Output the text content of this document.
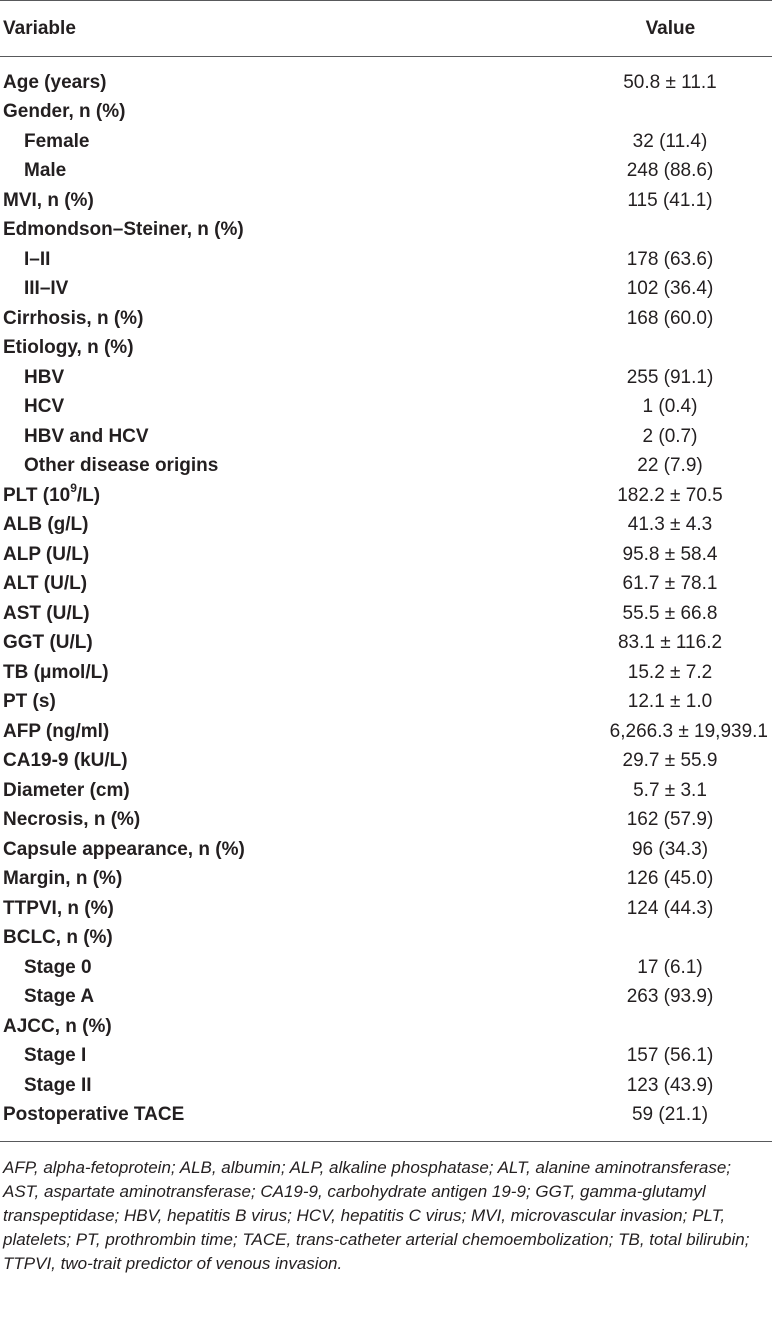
Variable	Value
Age (years)	50.8 ± 11.1
Gender, n (%)
Female	32 (11.4)
Male	248 (88.6)
MVI, n (%)	115 (41.1)
Edmondson–Steiner, n (%)
I–II	178 (63.6)
III–IV	102 (36.4)
Cirrhosis, n (%)	168 (60.0)
Etiology, n (%)
HBV	255 (91.1)
HCV	1 (0.4)
HBV and HCV	2 (0.7)
Other disease origins	22 (7.9)
PLT $(10^9/L)$	182.2 ± 70.5
ALB (g/L)	41.3 ± 4.3
ALP (U/L)	95.8 ± 58.4
ALT (U/L)	61.7 ± 78.1
AST (U/L)	55.5 ± 66.8
GGT (U/L)	83.1 ± 116.2
TB (μmol/L)	15.2 ± 7.2
PT (s)	12.1 ± 1.0
AFP (ng/ml)	6,266.3 ± 19,939.1
CA19-9 (kU/L)	29.7 ± 55.9
Diameter (cm)	5.7 ± 3.1
Necrosis, n (%)	162 (57.9)
Capsule appearance, n (%)	96 (34.3)
Margin, n (%)	126 (45.0)
TTPVI, n (%)	124 (44.3)
BCLC, n (%)
Stage 0	17 (6.1)
Stage A	263 (93.9)
AJCC, n (%)
Stage I	157 (56.1)
Stage II	123 (43.9)
Postoperative TACE	59 (21.1)
AFP, alpha-fetoprotein; ALB, albumin; ALP, alkaline phosphatase; ALT, alanine aminotransferase; AST, aspartate aminotransferase; CA19-9, carbohydrate antigen 19-9; GGT, gamma-glutamyl transpeptidase; HBV, hepatitis B virus; HCV, hepatitis C virus; MVI, microvascular invasion; PLT, platelets; PT, prothrombin time; TACE, trans-catheter arterial chemoembolization; TB, total bilirubin; TTPVI, two-trait predictor of venous invasion.
